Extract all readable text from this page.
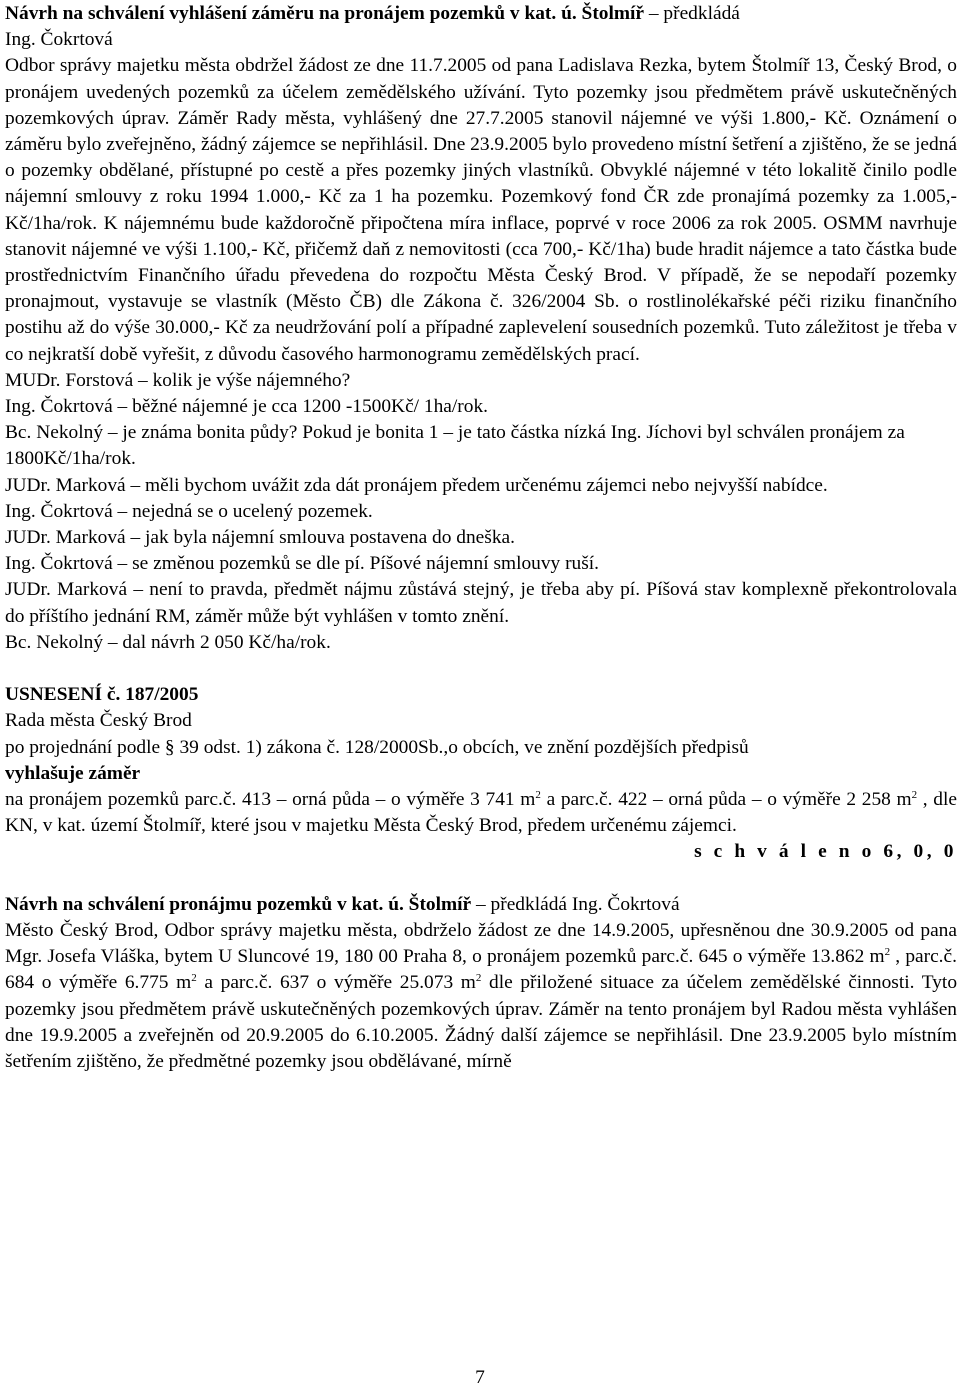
Návrh na schválení vyhlášení záměru na pronájem pozemků v kat. ú. Štolmíř – předkládá
Ing. Čokrtová
Odbor správy majetku města obdržel žádost ze dne 11.7.2005 od pana Ladislava Rezka, bytem Štolmíř 13, Český Brod, o pronájem uvedených pozemků za účelem zemědělského užívání. Tyto pozemky jsou předmětem právě uskutečněných pozemkových úprav. Záměr Rady města, vyhlášený dne 27.7.2005 stanovil nájemné ve výši 1.800,- Kč. Oznámení o záměru bylo zveřejněno, žádný zájemce se nepřihlásil. Dne 23.9.2005 bylo provedeno místní šetření a zjištěno, že se jedná o pozemky obdělané, přístupné po cestě a přes pozemky jiných vlastníků. Obvyklé nájemné v této lokalitě činilo podle nájemní smlouvy z roku 1994 1.000,- Kč za 1 ha pozemku. Pozemkový fond ČR zde pronajímá pozemky za 1.005,- Kč/1ha/rok. K nájemnému bude každoročně připočtena míra inflace, poprvé v roce 2006 za rok 2005. OSMM navrhuje stanovit nájemné ve výši 1.100,- Kč, přičemž daň z nemovitosti (cca 700,- Kč/1ha) bude hradit nájemce a tato částka bude prostřednictvím Finančního úřadu převedena do rozpočtu Města Český Brod. V případě, že se nepodaří pozemky pronajmout, vystavuje se vlastník (Město ČB) dle Zákona č. 326/2004 Sb. o rostlinolékařské péči riziku finančního postihu až do výše 30.000,- Kč za neudržování polí a případné zaplevelení sousedních pozemků. Tuto záležitost je třeba v co nejkratší době vyřešit, z důvodu časového harmonogramu zemědělských prací.
MUDr. Forstová – kolik je výše nájemného?
Ing. Čokrtová – běžné nájemné je cca 1200 -1500Kč/ 1ha/rok.
Bc. Nekolný – je známa bonita půdy? Pokud je bonita 1 – je tato částka nízká Ing. Jíchovi byl schválen pronájem za 1800Kč/1ha/rok.
JUDr. Marková – měli bychom uvážit zda dát pronájem předem určenému zájemci nebo nejvyšší nabídce.
Ing. Čokrtová – nejedná se o ucelený pozemek.
JUDr. Marková – jak byla nájemní smlouva postavena do dneška.
Ing. Čokrtová – se změnou pozemků se dle pí. Píšové nájemní smlouvy ruší.
JUDr. Marková – není to pravda, předmět nájmu zůstává stejný, je třeba aby pí. Píšová stav komplexně překontrolovala do příštího jednání RM, záměr může být vyhlášen v tomto znění.
Bc. Nekolný – dal návrh 2 050 Kč/ha/rok.
USNESENÍ č. 187/2005
Rada města Český Brod
po projednání podle § 39 odst. 1) zákona č. 128/2000Sb.,o obcích, ve znění pozdějších předpisů
vyhlašuje záměr
na pronájem pozemků parc.č. 413 – orná půda – o výměře 3 741 $m^2$ a parc.č. 422 – orná půda – o výměře 2 258 $m^2$ , dle KN, v kat. území Štolmíř, které jsou v majetku Města Český Brod, předem určenému zájemci.
s c h v á l e n o 6, 0, 0
Návrh na schválení pronájmu pozemků v kat. ú. Štolmíř – předkládá Ing. Čokrtová
Město Český Brod, Odbor správy majetku města, obdrželo žádost ze dne 14.9.2005, upřesněnou dne 30.9.2005 od pana Mgr. Josefa Vláška, bytem U Sluncové 19, 180 00 Praha 8, o pronájem pozemků parc.č. 645 o výměře 13.862 $m^2$ , parc.č. 684 o výměře 6.775 $m^2$ a parc.č. 637 o výměře 25.073 $m^2$ dle přiložené situace za účelem zemědělské činnosti. Tyto pozemky jsou předmětem právě uskutečněných pozemkových úprav. Záměr na tento pronájem byl Radou města vyhlášen dne 19.9.2005 a zveřejněn od 20.9.2005 do 6.10.2005. Žádný další zájemce se nepřihlásil. Dne 23.9.2005 bylo místním šetřením zjištěno, že předmětné pozemky jsou obdělávané, mírně
7
